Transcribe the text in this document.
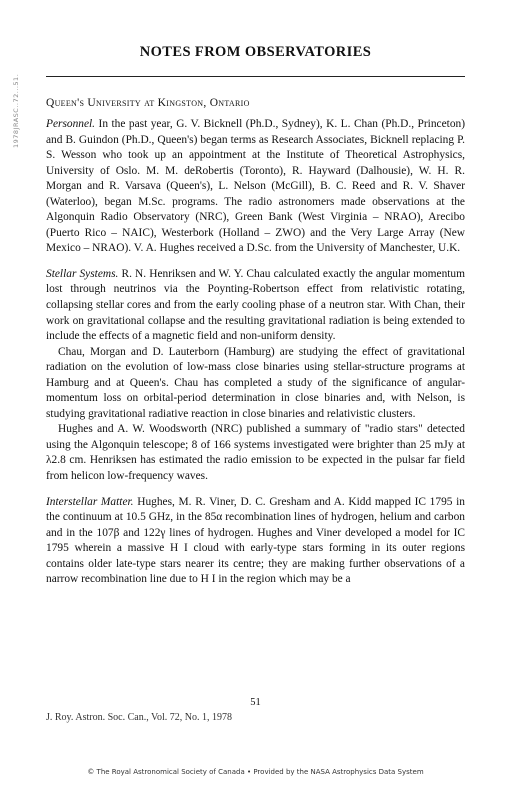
1978JRASC..72...51.
NOTES FROM OBSERVATORIES
Queen's University at Kingston, Ontario

Personnel. In the past year, G. V. Bicknell (Ph.D., Sydney), K. L. Chan (Ph.D., Princeton) and B. Guindon (Ph.D., Queen's) began terms as Research Associates, Bicknell replacing P. S. Wesson who took up an appointment at the Institute of Theoretical Astrophysics, University of Oslo. M. M. deRobertis (Toronto), R. Hayward (Dalhousie), W. H. R. Morgan and R. Varsava (Queen's), L. Nelson (McGill), B. C. Reed and R. V. Shaver (Waterloo), began M.Sc. programs. The radio astronomers made observations at the Algonquin Radio Observatory (NRC), Green Bank (West Virginia – NRAO), Arecibo (Puerto Rico – NAIC), Westerbork (Holland – ZWO) and the Very Large Array (New Mexico – NRAO). V. A. Hughes received a D.Sc. from the University of Manchester, U.K.

Stellar Systems. R. N. Henriksen and W. Y. Chau calculated exactly the angular momentum lost through neutrinos via the Poynting-Robertson effect from relativistic rotating, collapsing stellar cores and from the early cooling phase of a neutron star. With Chan, their work on gravitational collapse and the resulting gravitational radiation is being extended to include the effects of a magnetic field and non-uniform density.

Chau, Morgan and D. Lauterborn (Hamburg) are studying the effect of gravitational radiation on the evolution of low-mass close binaries using stellar-structure programs at Hamburg and at Queen's. Chau has completed a study of the significance of angular-momentum loss on orbital-period determination in close binaries and, with Nelson, is studying gravitational radiative reaction in close binaries and relativistic clusters.

Hughes and A. W. Woodsworth (NRC) published a summary of "radio stars" detected using the Algonquin telescope; 8 of 166 systems investigated were brighter than 25 mJy at λ2.8 cm. Henriksen has estimated the radio emission to be expected in the pulsar far field from helicon low-frequency waves.

Interstellar Matter. Hughes, M. R. Viner, D. C. Gresham and A. Kidd mapped IC 1795 in the continuum at 10.5 GHz, in the 85α recombination lines of hydrogen, helium and carbon and in the 107β and 122γ lines of hydrogen. Hughes and Viner developed a model for IC 1795 wherein a massive H I cloud with early-type stars forming in its outer regions contains older late-type stars nearer its centre; they are making further observations of a narrow recombination line due to H I in the region which may be a

51
J. Roy. Astron. Soc. Can., Vol. 72, No. 1, 1978
© The Royal Astronomical Society of Canada • Provided by the NASA Astrophysics Data System
